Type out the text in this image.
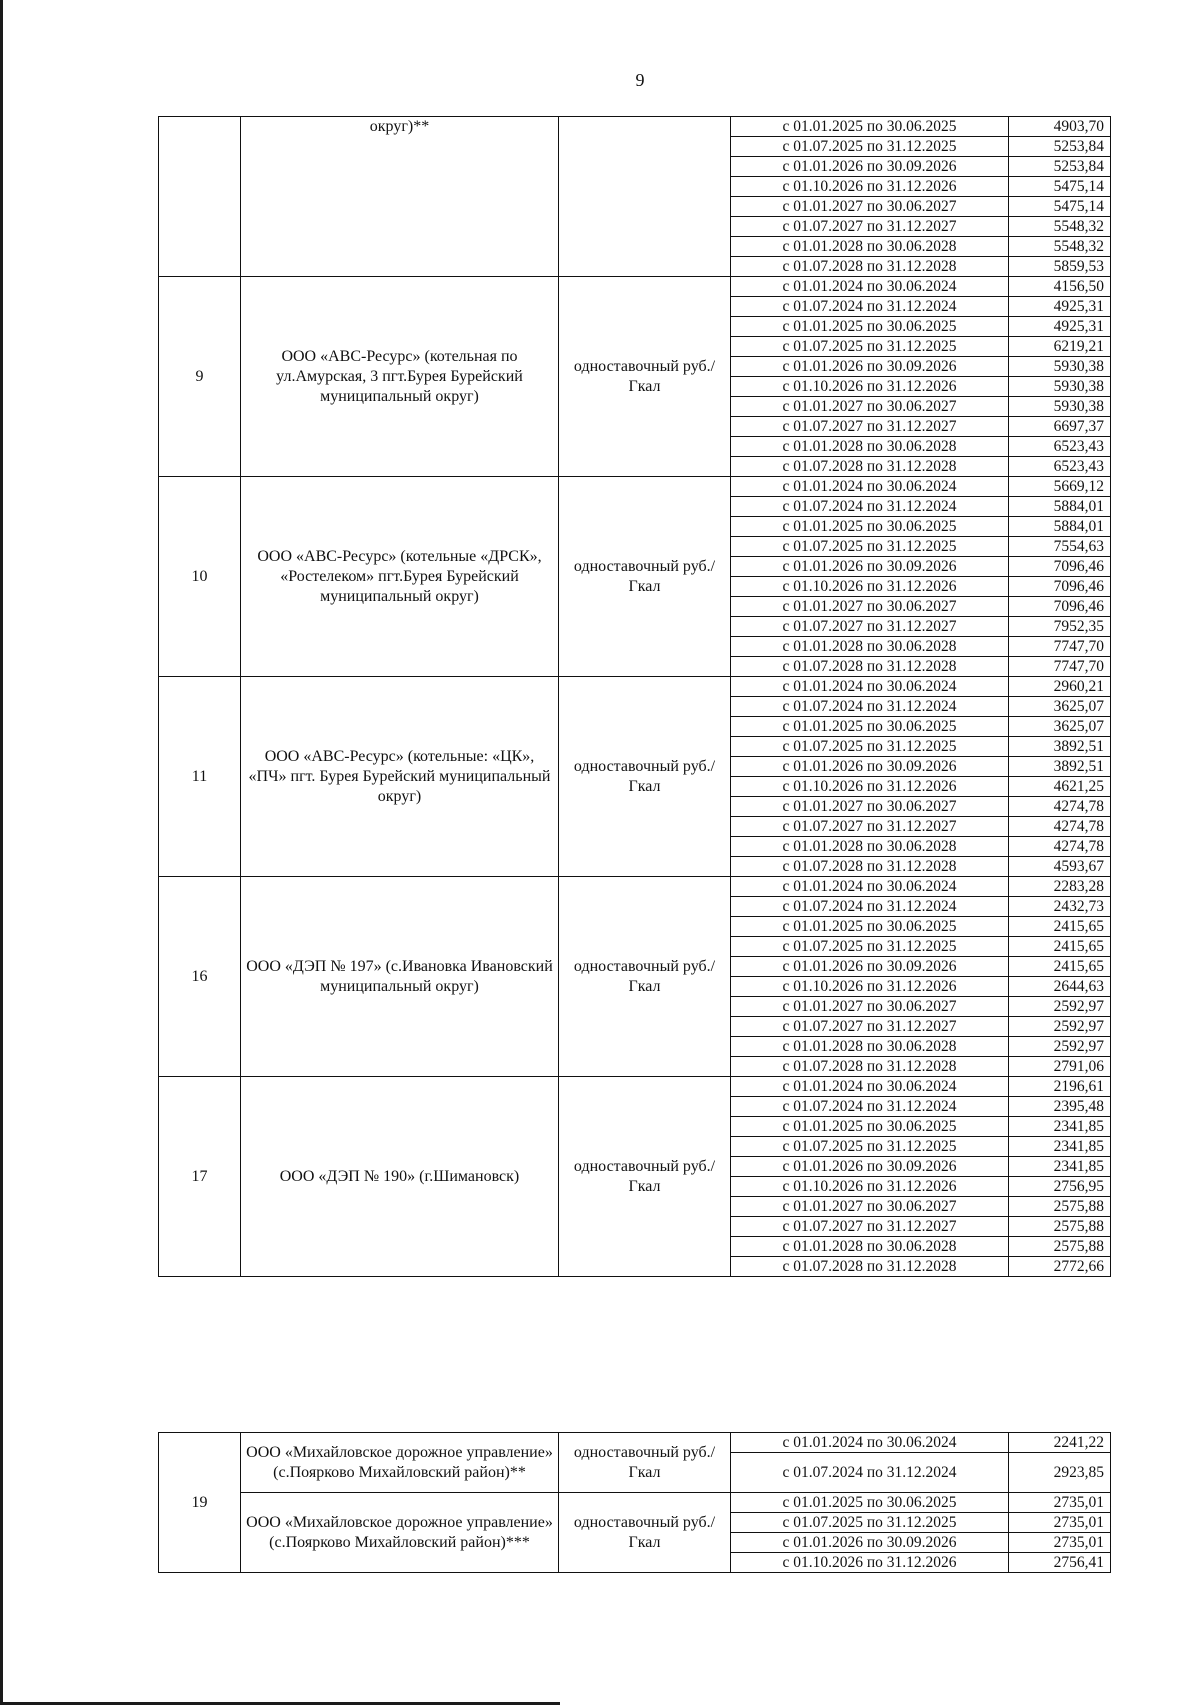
9
	округ)**		с 01.01.2025 по 30.06.2025	4903,70
			с 01.07.2025 по 31.12.2025	5253,84
			с 01.01.2026 по 30.09.2026	5253,84
			с 01.10.2026 по 31.12.2026	5475,14
			с 01.01.2027 по 30.06.2027	5475,14
			с 01.07.2027 по 31.12.2027	5548,32
			с 01.01.2028 по 30.06.2028	5548,32
			с 01.07.2028 по 31.12.2028	5859,53
9	ООО «АВС-Ресурс» (котельная по ул.Амурская, 3 пгт.Бурея Бурейский муниципальный округ)	одноставочный руб./Гкал	с 01.01.2024 по 30.06.2024	4156,50
			с 01.07.2024 по 31.12.2024	4925,31
			с 01.01.2025 по 30.06.2025	4925,31
			с 01.07.2025 по 31.12.2025	6219,21
			с 01.01.2026 по 30.09.2026	5930,38
			с 01.10.2026 по 31.12.2026	5930,38
			с 01.01.2027 по 30.06.2027	5930,38
			с 01.07.2027 по 31.12.2027	6697,37
			с 01.01.2028 по 30.06.2028	6523,43
			с 01.07.2028 по 31.12.2028	6523,43
10	ООО «АВС-Ресурс» (котельные «ДРСК», «Ростелеком» пгт.Бурея Бурейский муниципальный округ)	одноставочный руб./Гкал	с 01.01.2024 по 30.06.2024	5669,12
			с 01.07.2024 по 31.12.2024	5884,01
			с 01.01.2025 по 30.06.2025	5884,01
			с 01.07.2025 по 31.12.2025	7554,63
			с 01.01.2026 по 30.09.2026	7096,46
			с 01.10.2026 по 31.12.2026	7096,46
			с 01.01.2027 по 30.06.2027	7096,46
			с 01.07.2027 по 31.12.2027	7952,35
			с 01.01.2028 по 30.06.2028	7747,70
			с 01.07.2028 по 31.12.2028	7747,70
11	ООО «АВС-Ресурс» (котельные: «ЦК», «ПЧ» пгт. Бурея Бурейский муниципальный округ)	одноставочный руб./Гкал	с 01.01.2024 по 30.06.2024	2960,21
			с 01.07.2024 по 31.12.2024	3625,07
			с 01.01.2025 по 30.06.2025	3625,07
			с 01.07.2025 по 31.12.2025	3892,51
			с 01.01.2026 по 30.09.2026	3892,51
			с 01.10.2026 по 31.12.2026	4621,25
			с 01.01.2027 по 30.06.2027	4274,78
			с 01.07.2027 по 31.12.2027	4274,78
			с 01.01.2028 по 30.06.2028	4274,78
			с 01.07.2028 по 31.12.2028	4593,67
16	ООО «ДЭП № 197» (с.Ивановка Ивановский муниципальный округ)	одноставочный руб./Гкал	с 01.01.2024 по 30.06.2024	2283,28
			с 01.07.2024 по 31.12.2024	2432,73
			с 01.01.2025 по 30.06.2025	2415,65
			с 01.07.2025 по 31.12.2025	2415,65
			с 01.01.2026 по 30.09.2026	2415,65
			с 01.10.2026 по 31.12.2026	2644,63
			с 01.01.2027 по 30.06.2027	2592,97
			с 01.07.2027 по 31.12.2027	2592,97
			с 01.01.2028 по 30.06.2028	2592,97
			с 01.07.2028 по 31.12.2028	2791,06
17	ООО «ДЭП № 190» (г.Шимановск)	одноставочный руб./Гкал	с 01.01.2024 по 30.06.2024	2196,61
			с 01.07.2024 по 31.12.2024	2395,48
			с 01.01.2025 по 30.06.2025	2341,85
			с 01.07.2025 по 31.12.2025	2341,85
			с 01.01.2026 по 30.09.2026	2341,85
			с 01.10.2026 по 31.12.2026	2756,95
			с 01.01.2027 по 30.06.2027	2575,88
			с 01.07.2027 по 31.12.2027	2575,88
			с 01.01.2028 по 30.06.2028	2575,88
			с 01.07.2028 по 31.12.2028	2772,66
19	ООО «Михайловское дорожное управление» (с.Поярково Михайловский район)**	одноставочный руб./Гкал	с 01.01.2024 по 30.06.2024	2241,22
			с 01.07.2024 по 31.12.2024	2923,85
	ООО «Михайловское дорожное управление» (с.Поярково Михайловский район)***	одноставочный руб./Гкал	с 01.01.2025 по 30.06.2025	2735,01
			с 01.07.2025 по 31.12.2025	2735,01
			с 01.01.2026 по 30.09.2026	2735,01
			с 01.10.2026 по 31.12.2026	2756,41
